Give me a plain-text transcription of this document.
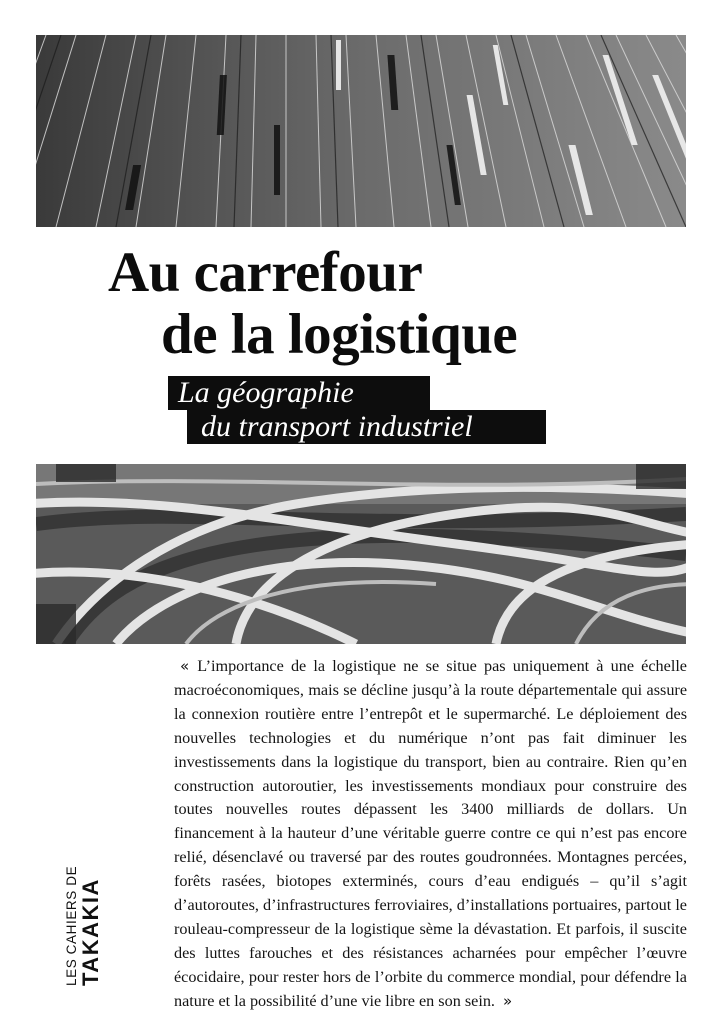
Au carrefour
de la logistique
La géographie
du transport industriel

« L’importance de la logistique ne se situe pas uniquement à une échelle macroéconomiques, mais se décline jusqu’à la route départementale qui assure la connexion routière entre l’entrepôt et le supermarché. Le déploiement des nouvelles technologies et du numérique n’ont pas fait diminuer les investissements dans la logistique du transport, bien au contraire. Rien qu’en construction autoroutier, les investissements mondiaux pour construire des toutes nouvelles routes dépassent les 3400 milliards de dollars. Un financement à la hauteur d’une véritable guerre contre ce qui n’est pas encore relié, désenclavé ou traversé par des routes goudronnées. Montagnes percées, forêts rasées, biotopes exterminés, cours d’eau endigués – qu’il s’agit d’autoroutes, d’infrastructures ferroviaires, d’installations portuaires, partout le rouleau-compresseur de la logistique sème la dévastation. Et parfois, il suscite des luttes farouches et des résistances acharnées pour empêcher l’œuvre écocidaire, pour rester hors de l’orbite du commerce mondial, pour défendre la nature et la possibilité d’une vie libre en son sein. »

LES CAHIERS DE TAKAKIA
